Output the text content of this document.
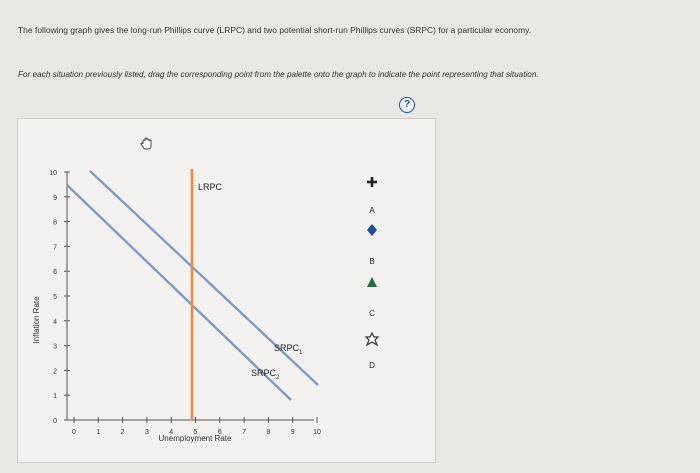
The following graph gives the long-run Phillips curve (LRPC) and two potential short-run Phillips curves (SRPC) for a particular economy.
For each situation previously listed, drag the corresponding point from the palette onto the graph to indicate the point representing that situation.
?
Inflation Rate
0
1
2
3
4
5
6
7
8
9
10
0	1	2	3	4	5	6	7	8	9	10
LRPC
$SRPC_1$
$SRPC_2$
Unemployment Rate
A
B
C
D
